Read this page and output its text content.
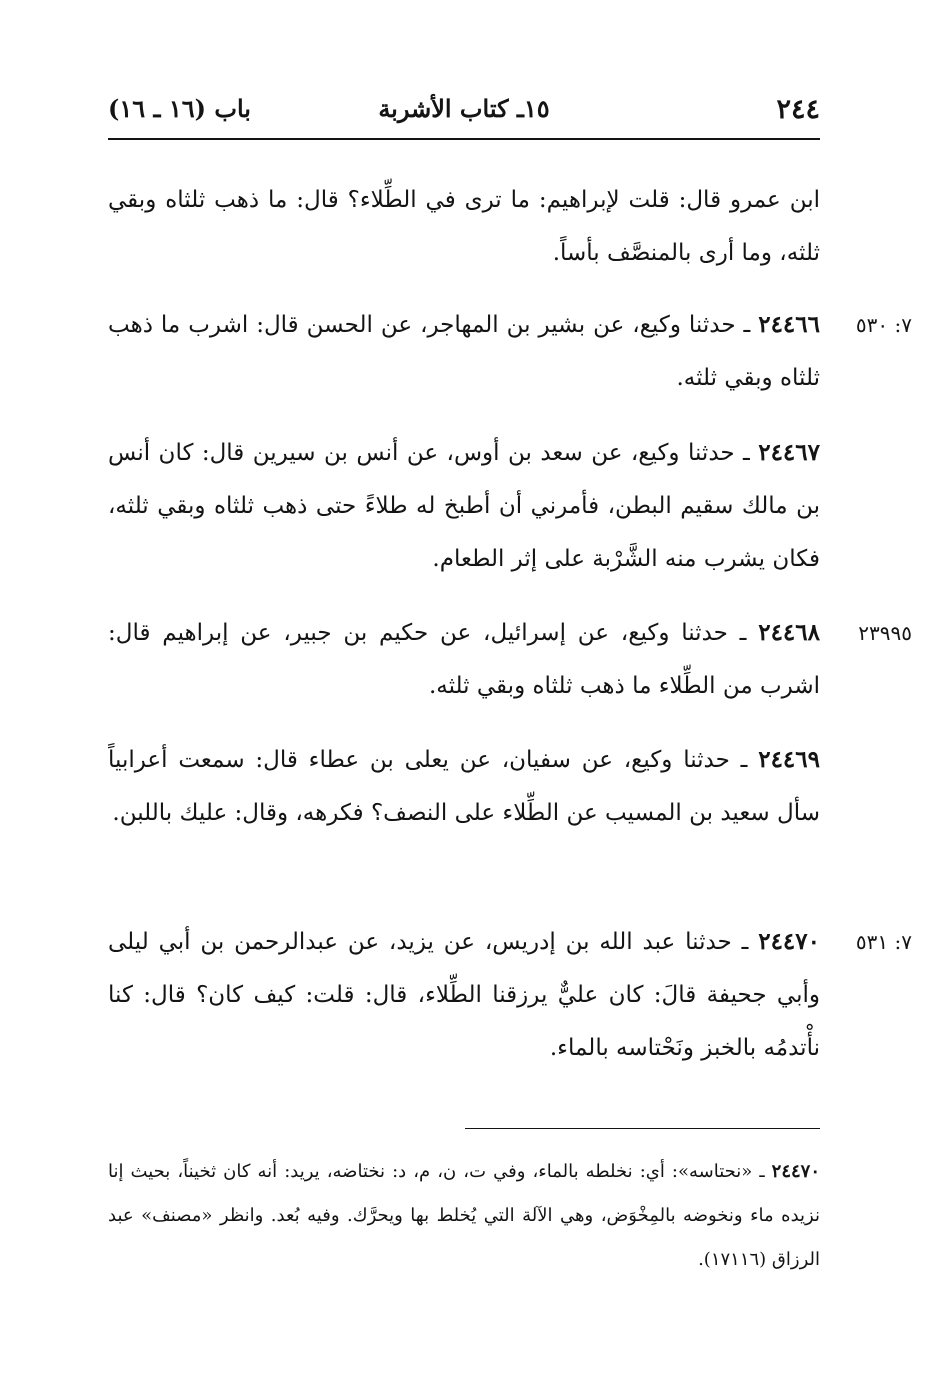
٢٤٤
١٥ـ كتاب الأشربة
باب (١٦ ـ ١٦)
ابن عمرو قال: قلت لإبراهيم: ما ترى في الطِّلاء؟ قال: ما ذهب ثلثاه وبقي ثلثه، وما أرى بالمنصَّف بأساً.
٧: ٥٣٠
٢٤٤٦٦ ـ حدثنا وكيع، عن بشير بن المهاجر، عن الحسن قال: اشرب ما ذهب ثلثاه وبقي ثلثه.
٢٤٤٦٧ ـ حدثنا وكيع، عن سعد بن أوس، عن أنس بن سيرين قال: كان أنس بن مالك سقيم البطن، فأمرني أن أطبخ له طلاءً حتى ذهب ثلثاه وبقي ثلثه، فكان يشرب منه الشَّرْبة على إثر الطعام.
٢٣٩٩٥
٢٤٤٦٨ ـ حدثنا وكيع، عن إسرائيل، عن حكيم بن جبير، عن إبراهيم قال: اشرب من الطِّلاء ما ذهب ثلثاه وبقي ثلثه.
٢٤٤٦٩ ـ حدثنا وكيع، عن سفيان، عن يعلى بن عطاء قال: سمعت أعرابياً سأل سعيد بن المسيب عن الطِّلاء على النصف؟ فكرهه، وقال: عليك باللبن.
٧: ٥٣١
٢٤٤٧٠ ـ حدثنا عبد الله بن إدريس، عن يزيد، عن عبدالرحمن بن أبي ليلى وأبي جحيفة قالَ: كان عليٌّ يرزقنا الطِّلاء، قال: قلت: كيف كان؟ قال: كنا نأْتدمُه بالخبز ونَحْتاسه بالماء.
٢٤٤٧٠ ـ «نحتاسه»: أي: نخلطه بالماء، وفي ت، ن، م، د: نختاضه، يريد: أنه كان ثخيناً، بحيث إنا نزيده ماء ونخوضه بالمِخْوَض، وهي الآلة التي يُخلط بها ويحرَّك. وفيه بُعد. وانظر «مصنف» عبد الرزاق (١٧١١٦).
